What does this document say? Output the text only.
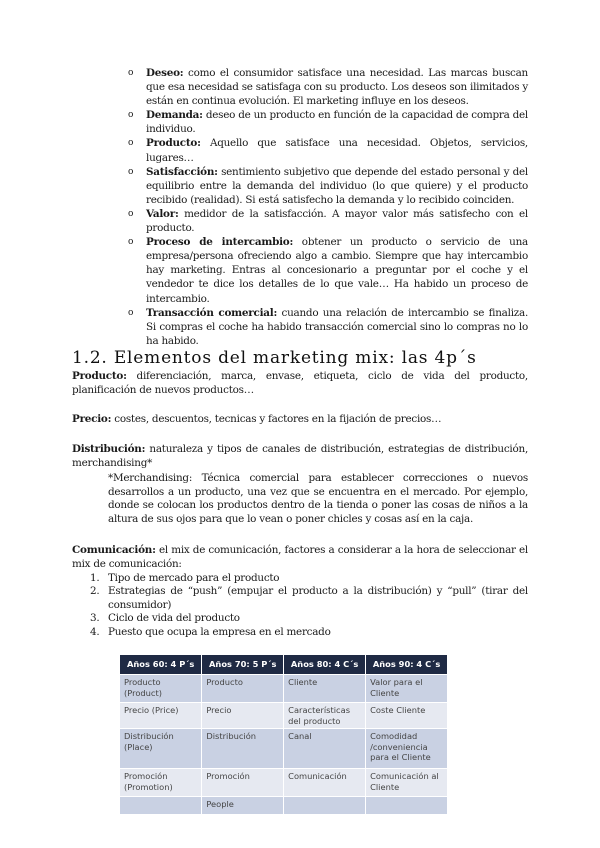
o Deseo: como el consumidor satisface una necesidad. Las marcas buscan que esa necesidad se satisfaga con su producto. Los deseos son ilimitados y están en continua evolución. El marketing influye en los deseos.
o Demanda: deseo de un producto en función de la capacidad de compra del individuo.
o Producto: Aquello que satisface una necesidad. Objetos, servicios, lugares…
o Satisfacción: sentimiento subjetivo que depende del estado personal y del equilibrio entre la demanda del individuo (lo que quiere) y el producto recibido (realidad). Si está satisfecho la demanda y lo recibido coinciden.
o Valor: medidor de la satisfacción. A mayor valor más satisfecho con el producto.
o Proceso de intercambio: obtener un producto o servicio de una empresa/persona ofreciendo algo a cambio. Siempre que hay intercambio hay marketing. Entras al concesionario a preguntar por el coche y el vendedor te dice los detalles de lo que vale… Ha habido un proceso de intercambio.
o Transacción comercial: cuando una relación de intercambio se finaliza. Si compras el coche ha habido transacción comercial sino lo compras no lo ha habido.
1.2. Elementos del marketing mix: las 4p´s

Producto: diferenciación, marca, envase, etiqueta, ciclo de vida del producto, planificación de nuevos productos…

Precio: costes, descuentos, tecnicas y factores en la fijación de precios…

Distribución: naturaleza y tipos de canales de distribución, estrategias de distribución, merchandising*

*Merchandising: Técnica comercial para establecer correcciones o nuevos desarrollos a un producto, una vez que se encuentra en el mercado. Por ejemplo, donde se colocan los productos dentro de la tienda o poner las cosas de niños a la altura de sus ojos para que lo vean o poner chicles y cosas así en la caja.

Comunicación: el mix de comunicación, factores a considerar a la hora de seleccionar el mix de comunicación:

1. Tipo de mercado para el producto
2. Estrategias de “push” (empujar el producto a la distribución) y “pull” (tirar del consumidor)
3. Ciclo de vida del producto
4. Puesto que ocupa la empresa en el mercado
Años 60: 4 P´s	Años 70: 5 P´s	Años 80: 4 C´s	Años 90: 4 C´s
Producto (Product)	Producto	Cliente	Valor para el Cliente
Precio (Price)	Precio	Características del producto	Coste Cliente
Distribución (Place)	Distribución	Canal	Comodidad /conveniencia para el Cliente
Promoción (Promotion)	Promoción	Comunicación	Comunicación al Cliente
	People		
